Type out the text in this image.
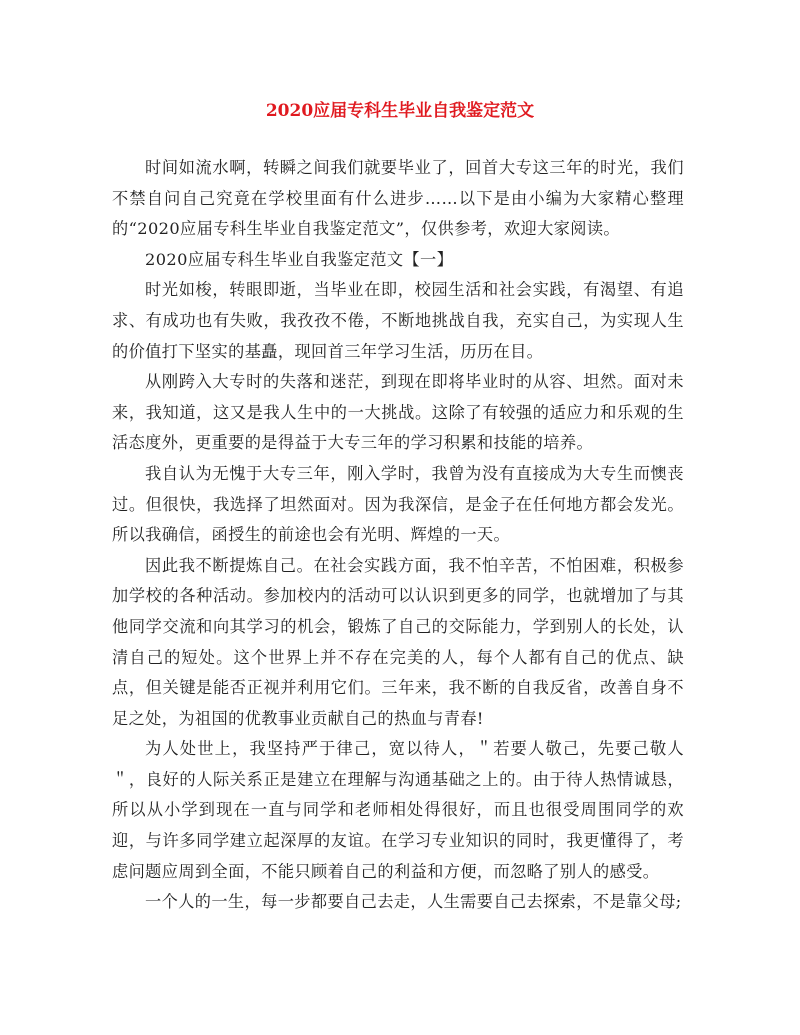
2020应届专科生毕业自我鉴定范文

时间如流水啊，转瞬之间我们就要毕业了，回首大专这三年的时光，我们不禁自问自己究竟在学校里面有什么进步……以下是由小编为大家精心整理的“2020应届专科生毕业自我鉴定范文”，仅供参考，欢迎大家阅读。

2020应届专科生毕业自我鉴定范文【一】

时光如梭，转眼即逝，当毕业在即，校园生活和社会实践，有渴望、有追求、有成功也有失败，我孜孜不倦，不断地挑战自我，充实自己，为实现人生的价值打下坚实的基矗，现回首三年学习生活，历历在目。

从刚跨入大专时的失落和迷茫，到现在即将毕业时的从容、坦然。面对未来，我知道，这又是我人生中的一大挑战。这除了有较强的适应力和乐观的生活态度外，更重要的是得益于大专三年的学习积累和技能的培养。

我自认为无愧于大专三年，刚入学时，我曾为没有直接成为大专生而懊丧过。但很快，我选择了坦然面对。因为我深信，是金子在任何地方都会发光。所以我确信，函授生的前途也会有光明、辉煌的一天。

因此我不断提炼自己。在社会实践方面，我不怕辛苦，不怕困难，积极参加学校的各种活动。参加校内的活动可以认识到更多的同学，也就增加了与其他同学交流和向其学习的机会，锻炼了自己的交际能力，学到别人的长处，认清自己的短处。这个世界上并不存在完美的人，每个人都有自己的优点、缺点，但关键是能否正视并利用它们。三年来，我不断的自我反省，改善自身不足之处，为祖国的优教事业贡献自己的热血与青春!

为人处世上，我坚持严于律己，宽以待人，＂若要人敬己，先要己敬人＂，良好的人际关系正是建立在理解与沟通基础之上的。由于待人热情诚恳，所以从小学到现在一直与同学和老师相处得很好，而且也很受周围同学的欢迎，与许多同学建立起深厚的友谊。在学习专业知识的同时，我更懂得了，考虑问题应周到全面，不能只顾着自己的利益和方便，而忽略了别人的感受。

一个人的一生，每一步都要自己去走，人生需要自己去探索，不是靠父母;
